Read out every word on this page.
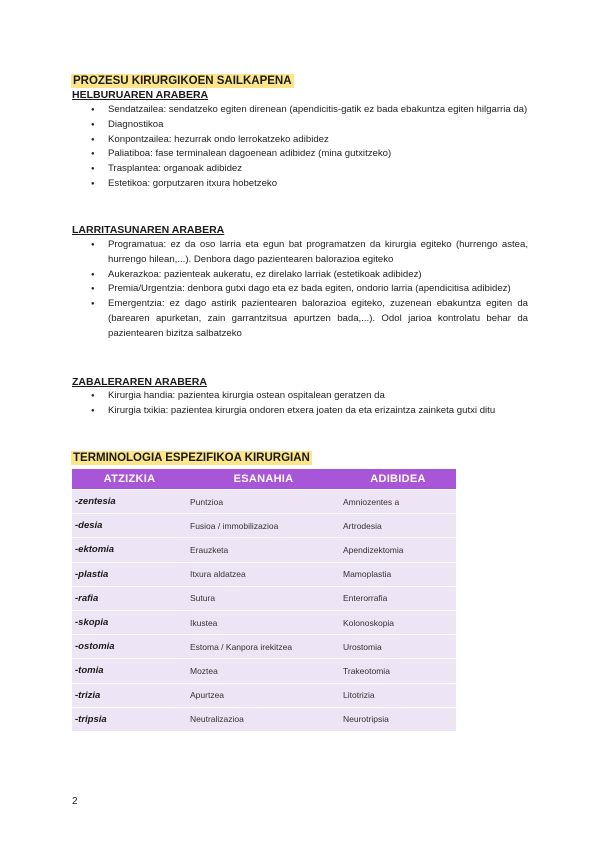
PROZESU KIRURGIKOEN SAILKAPENA
HELBURUAREN ARABERA
● Sendatzailea: sendatzeko egiten direnean (apendicitis-gatik ez bada ebakuntza egiten hilgarria da)
● Diagnostikoa
● Konpontzailea: hezurrak ondo lerrokatzeko adibidez
● Paliatiboa: fase terminalean dagoenean adibidez (mina gutxitzeko)
● Trasplantea: organoak adibidez
● Estetikoa: gorputzaren itxura hobetzeko
LARRITASUNAREN ARABERA
● Programatua: ez da oso larria eta egun bat programatzen da kirurgia egiteko (hurrengo astea, hurrengo hilean,...). Denbora dago pazientearen balorazioa egiteko
● Aukerazkoa: pazienteak aukeratu, ez direlako larriak (estetikoak adibidez)
● Premia/Urgentzia: denbora gutxi dago eta ez bada egiten, ondorio larria (apendicitisa adibidez)
● Emergentzia: ez dago astirik pazientearen balorazioa egiteko, zuzenean ebakuntza egiten da (barearen apurketan, zain garrantzitsua apurtzen bada,...). Odol jarioa kontrolatu behar da pazientearen bizitza salbatzeko
ZABALERAREN ARABERA
● Kirurgia handia: pazientea kirurgia ostean ospitalean geratzen da
● Kirurgia txikia: pazientea kirurgia ondoren etxera joaten da eta erizaintza zainketa gutxi ditu
TERMINOLOGIA ESPEZIFIKOA KIRURGIAN
ATZIZKIA	ESANAHIA	ADIBIDEA
-zentesia	Puntzioa	Amniozentes a
-desia	Fusioa / immobilizazioa	Artrodesia
-ektomia	Erauzketa	Apendizektomia
-plastia	Itxura aldatzea	Mamoplastia
-rafia	Sutura	Enterorrafia
-skopia	Ikustea	Kolonoskopia
-ostomia	Estoma / Kanpora irekitzea	Urostomia
-tomia	Moztea	Trakeotomia
-trizia	Apurtzea	Litotrizia
-tripsia	Neutralizazioa	Neurotripsia
2
